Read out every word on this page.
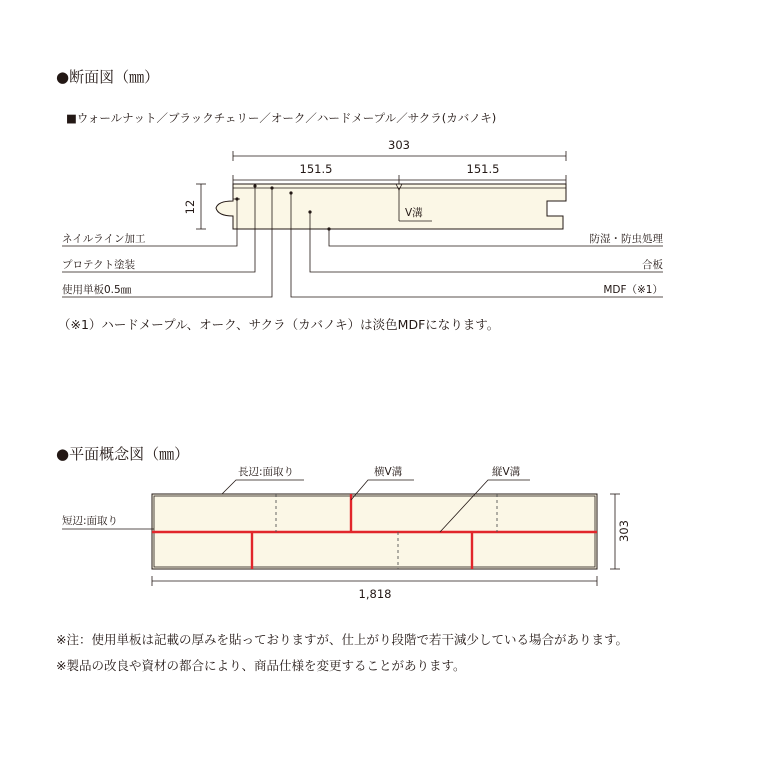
●断面図（㎜）
■ウォールナット／ブラックチェリー／オーク／ハードメープル／サクラ(カバノキ)
303
151.5	151.5
12	V溝
ネイルライン加工
プロテクト塗装
使用単板0.5㎜
防湿・防虫処理
合板
MDF（※1）
（※1）ハードメープル、オーク、サクラ（カバノキ）は淡色MDFになります。
●平面概念図（㎜）
長辺:面取り	横V溝	縦V溝
短辺:面取り	303
1,818
※注：使用単板は記載の厚みを貼っておりますが、仕上がり段階で若干減少している場合があります。
※製品の改良や資材の都合により、商品仕様を変更することがあります。
